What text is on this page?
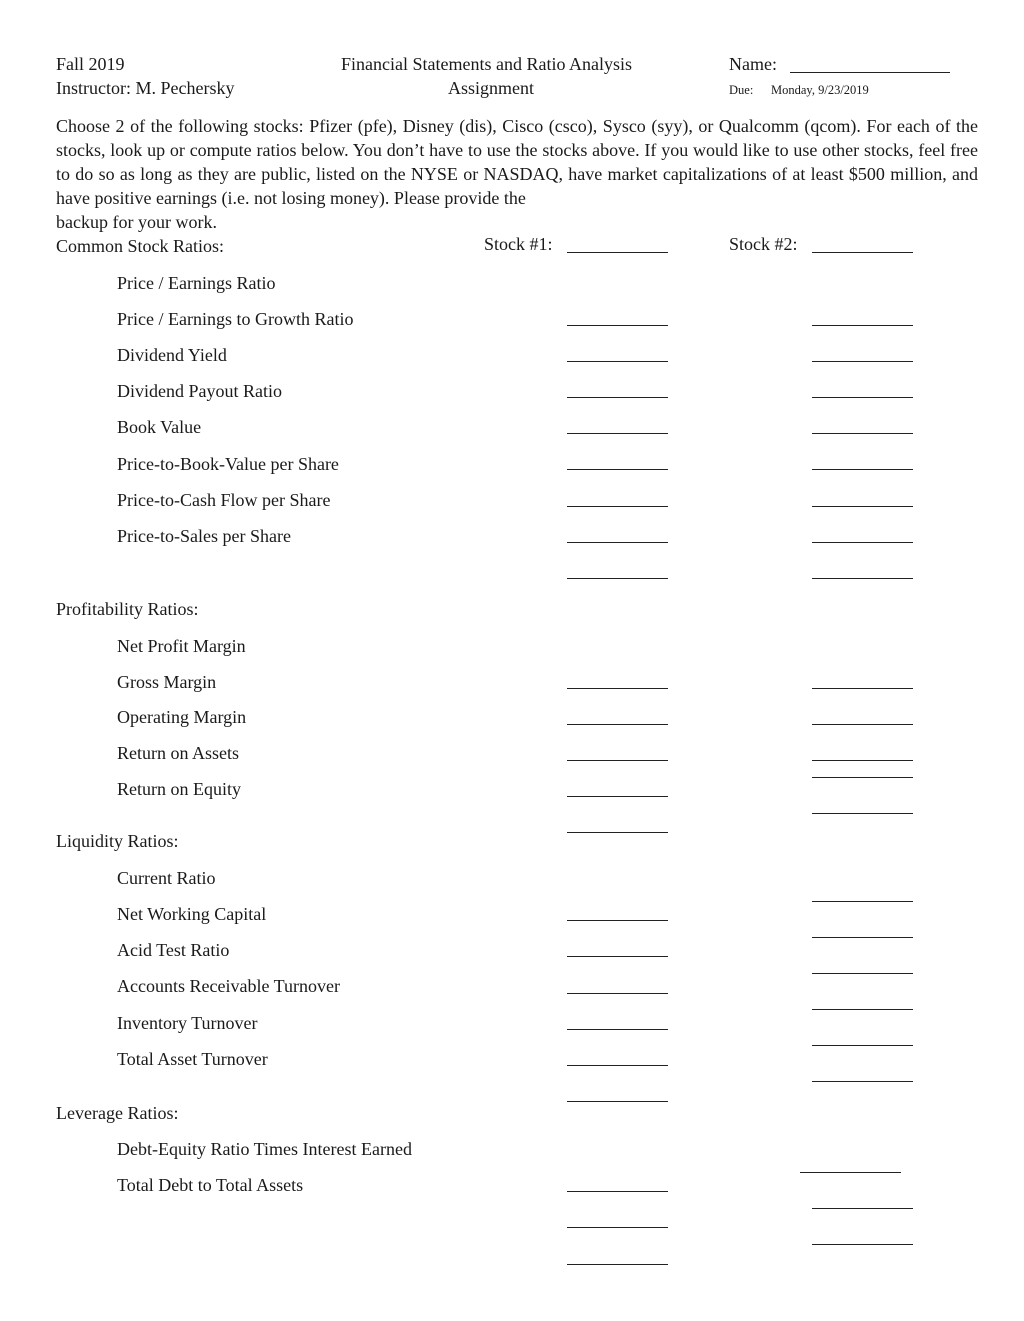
Fall 2019
Instructor: M. Pechersky
Financial Statements and Ratio Analysis
Assignment
Name:
Due: Monday, 9/23/2019

Choose 2 of the following stocks: Pfizer (pfe), Disney (dis), Cisco (csco), Sysco (syy), or Qualcomm (qcom). For each of the stocks, look up or compute ratios below. You don’t have to use the stocks above. If you would like to use other stocks, feel free to do so as long as they are public, listed on the NYSE or NASDAQ, have market capitalizations of at least $500 million, and have positive earnings (i.e. not losing money). Please provide the

backup for your work.

Common Stock Ratios:	Stock #1:	Stock #2:
Price / Earnings Ratio
Price / Earnings to Growth Ratio
Dividend Yield
Dividend Payout Ratio
Book Value
Price-to-Book-Value per Share
Price-to-Cash Flow per Share
Price-to-Sales per Share
Profitability Ratios:
Net Profit Margin
Gross Margin
Operating Margin
Return on Assets
Return on Equity
Liquidity Ratios:
Current Ratio
Net Working Capital
Acid Test Ratio
Accounts Receivable Turnover
Inventory Turnover
Total Asset Turnover
Leverage Ratios:
Debt-Equity Ratio Times Interest Earned
Total Debt to Total Assets
